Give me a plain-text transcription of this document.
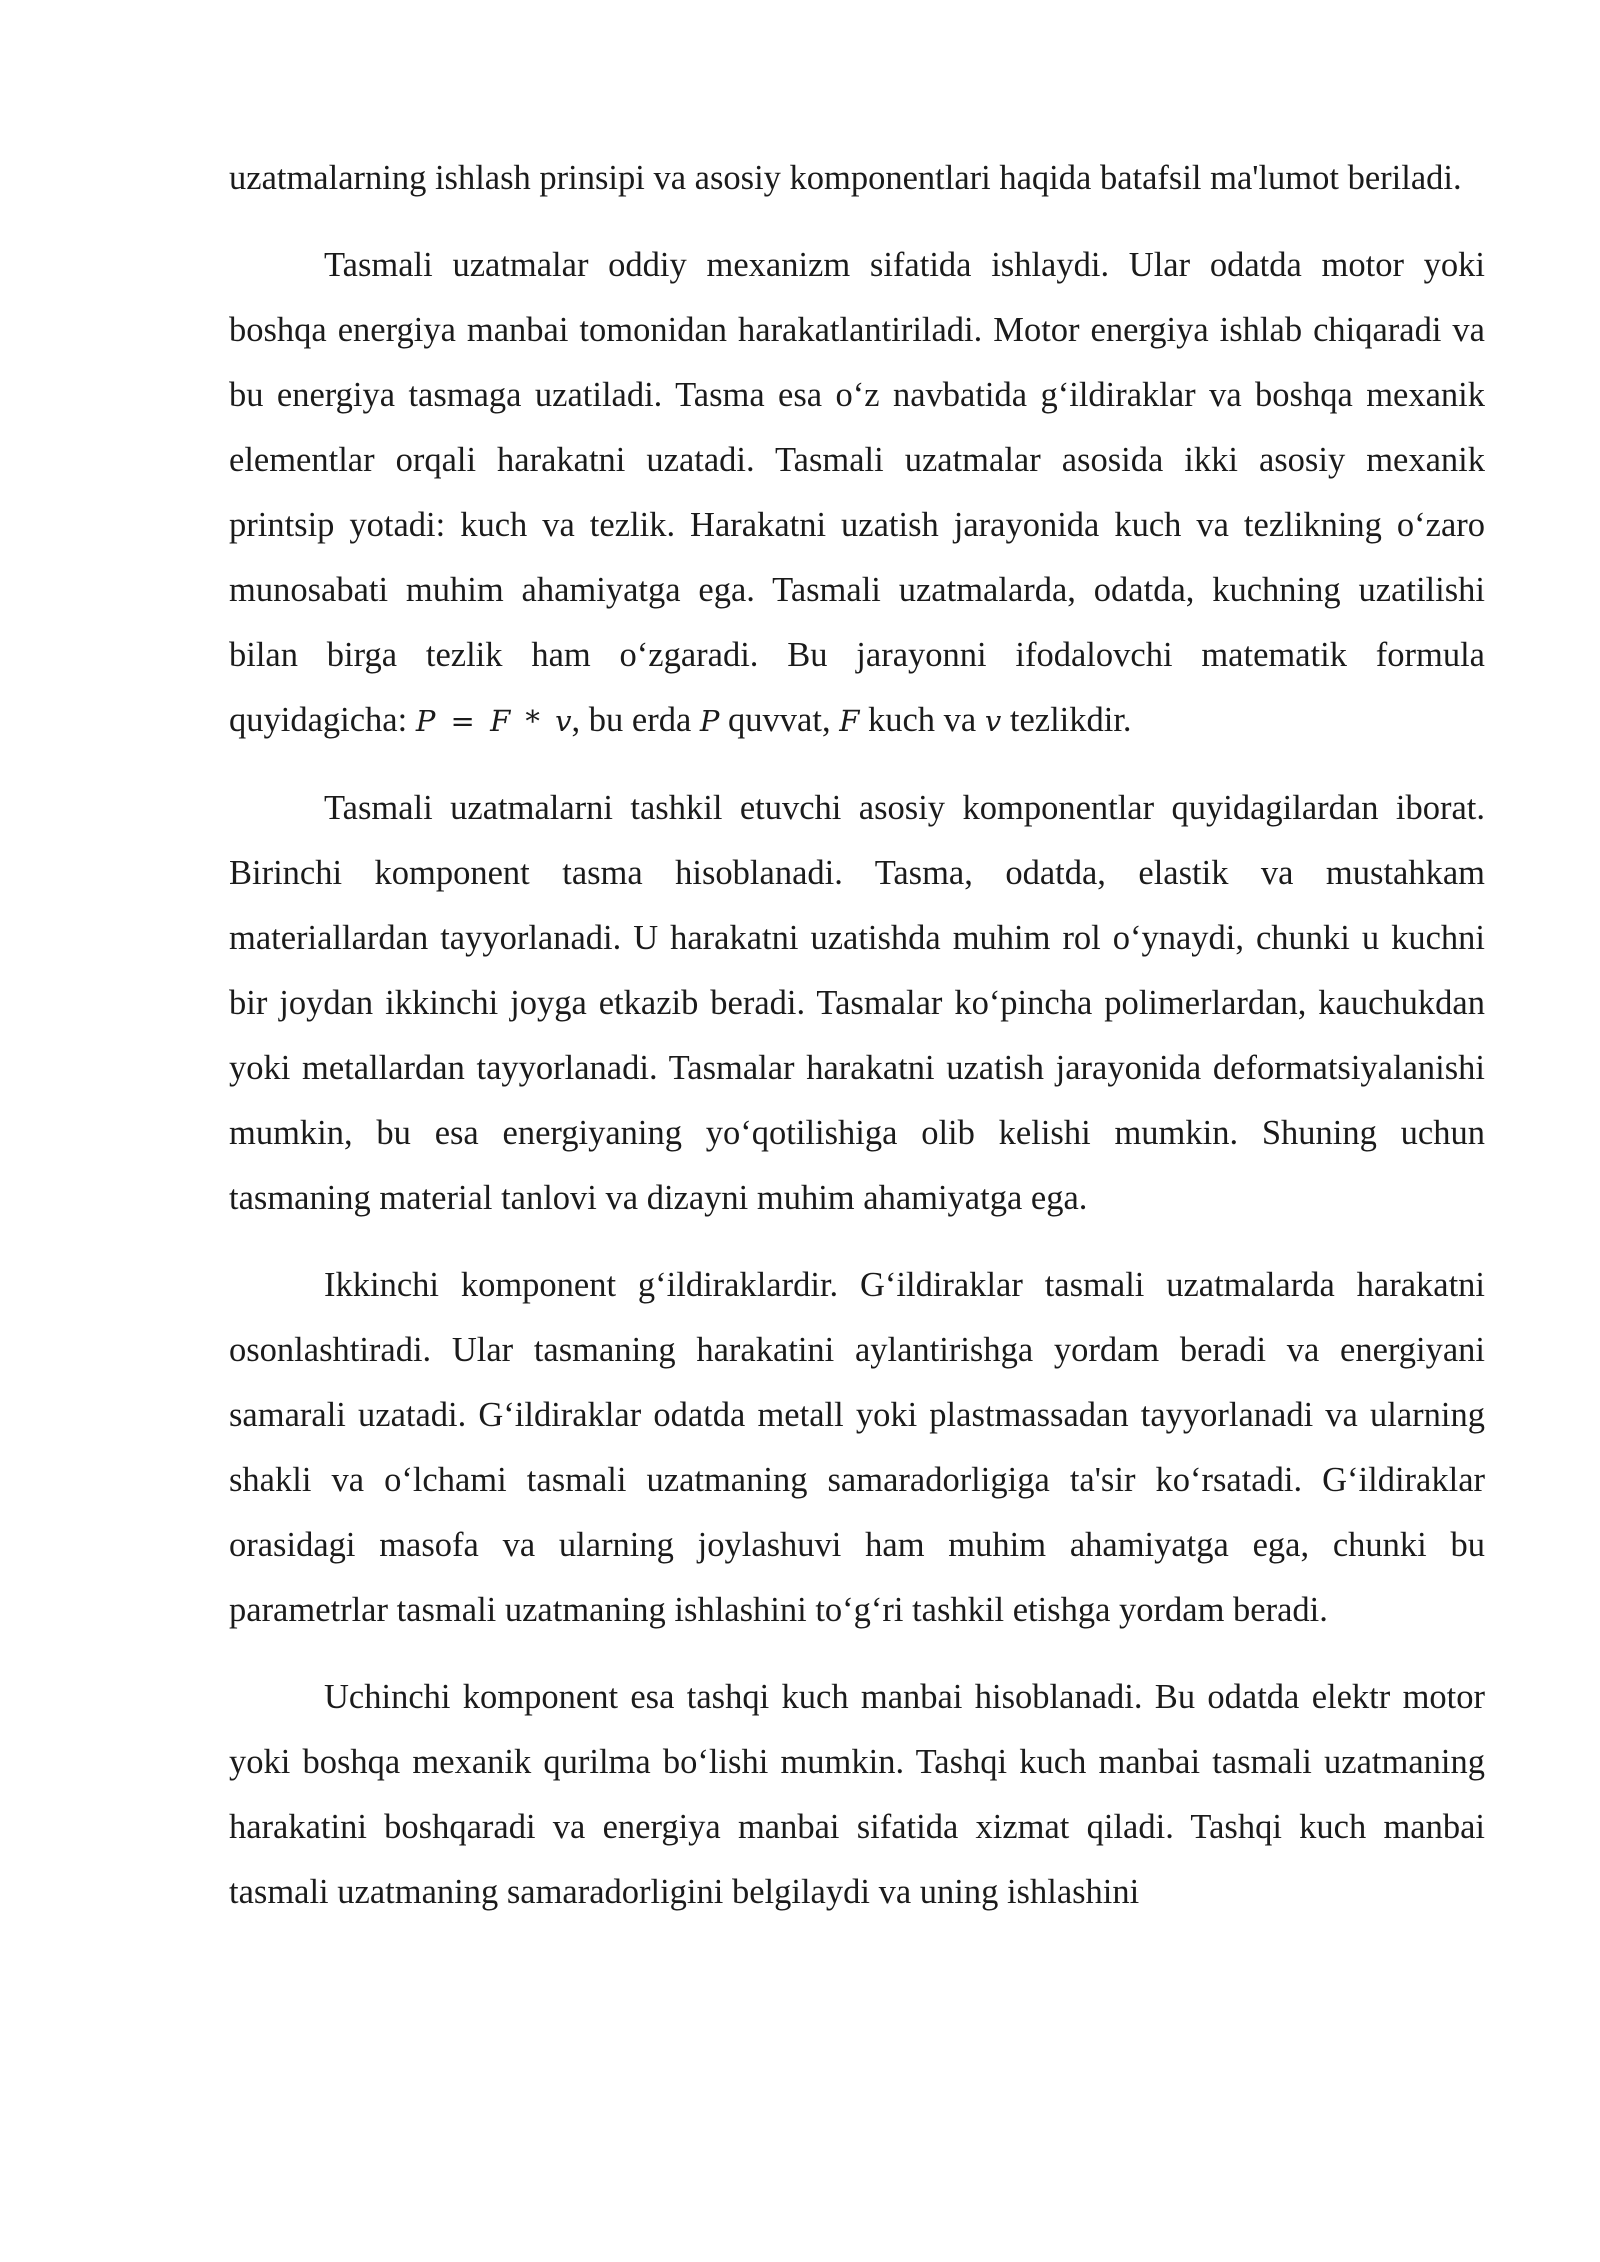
uzatmalarning ishlash prinsipi va asosiy komponentlari haqida batafsil ma'lumot beriladi.

Tasmali uzatmalar oddiy mexanizm sifatida ishlaydi. Ular odatda motor yoki boshqa energiya manbai tomonidan harakatlantiriladi. Motor energiya ishlab chiqaradi va bu energiya tasmaga uzatiladi. Tasma esa o‘z navbatida g‘ildiraklar va boshqa mexanik elementlar orqali harakatni uzatadi. Tasmali uzatmalar asosida ikki asosiy mexanik printsip yotadi: kuch va tezlik. Harakatni uzatish jarayonida kuch va tezlikning o‘zaro munosabati muhim ahamiyatga ega. Tasmali uzatmalarda, odatda, kuchning uzatilishi bilan birga tezlik ham o‘zgaradi. Bu jarayonni ifodalovchi matematik formula quyidagicha: P = F * v, bu erda P quvvat, F kuch va v tezlikdir.

Tasmali uzatmalarni tashkil etuvchi asosiy komponentlar quyidagilardan iborat. Birinchi komponent tasma hisoblanadi. Tasma, odatda, elastik va mustahkam materiallardan tayyorlanadi. U harakatni uzatishda muhim rol o‘ynaydi, chunki u kuchni bir joydan ikkinchi joyga etkazib beradi. Tasmalar ko‘pincha polimerlardan, kauchukdan yoki metallardan tayyorlanadi. Tasmalar harakatni uzatish jarayonida deformatsiyalanishi mumkin, bu esa energiyaning yo‘qotilishiga olib kelishi mumkin. Shuning uchun tasmaning material tanlovi va dizayni muhim ahamiyatga ega.

Ikkinchi komponent g‘ildiraklardir. G‘ildiraklar tasmali uzatmalarda harakatni osonlashtiradi. Ular tasmaning harakatini aylantirishga yordam beradi va energiyani samarali uzatadi. G‘ildiraklar odatda metall yoki plastmassadan tayyorlanadi va ularning shakli va o‘lchami tasmali uzatmaning samaradorligiga ta'sir ko‘rsatadi. G‘ildiraklar orasidagi masofa va ularning joylashuvi ham muhim ahamiyatga ega, chunki bu parametrlar tasmali uzatmaning ishlashini to‘g‘ri tashkil etishga yordam beradi.

Uchinchi komponent esa tashqi kuch manbai hisoblanadi. Bu odatda elektr motor yoki boshqa mexanik qurilma bo‘lishi mumkin. Tashqi kuch manbai tasmali uzatmaning harakatini boshqaradi va energiya manbai sifatida xizmat qiladi. Tashqi kuch manbai tasmali uzatmaning samaradorligini belgilaydi va uning ishlashini
